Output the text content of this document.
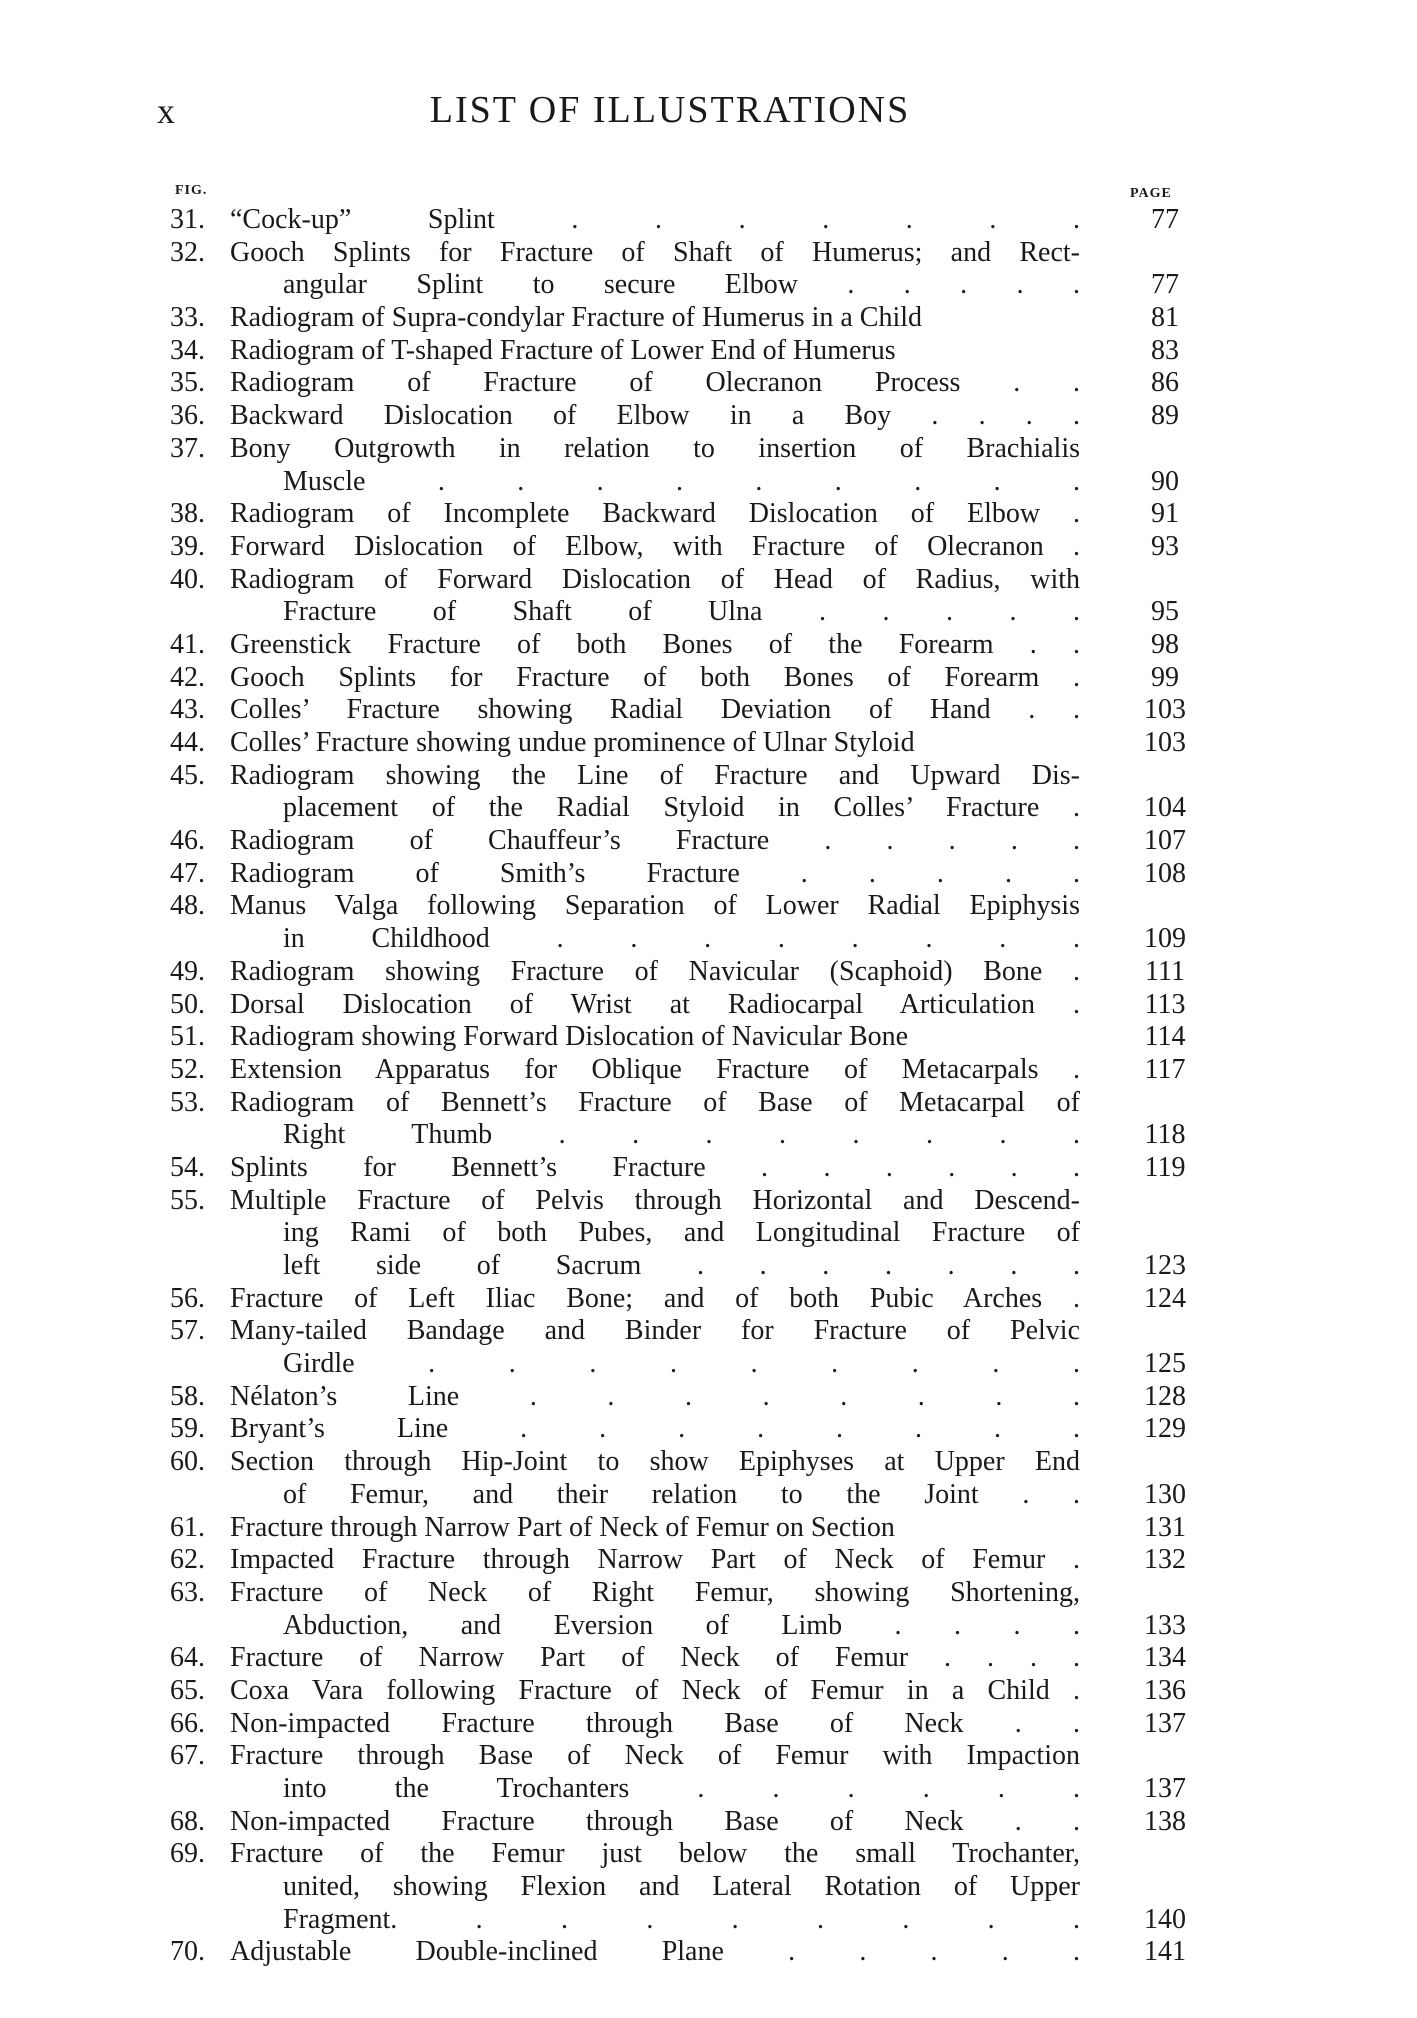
x	LIST OF ILLUSTRATIONS
FIG.	PAGE
31. “Cock-up” Splint . . . . . . .	77
32. Gooch Splints for Fracture of Shaft of Humerus; and Rect-
angular Splint to secure Elbow . . . . .	77
33. Radiogram of Supra-condylar Fracture of Humerus in a Child	81
34. Radiogram of T-shaped Fracture of Lower End of Humerus	83
35. Radiogram of Fracture of Olecranon Process . .	86
36. Backward Dislocation of Elbow in a Boy . . . .	89
37. Bony Outgrowth in relation to insertion of Brachialis
Muscle . . . . . . . . .	90
38. Radiogram of Incomplete Backward Dislocation of Elbow .	91
39. Forward Dislocation of Elbow, with Fracture of Olecranon .	93
40. Radiogram of Forward Dislocation of Head of Radius, with
Fracture of Shaft of Ulna . . . . .	95
41. Greenstick Fracture of both Bones of the Forearm . .	98
42. Gooch Splints for Fracture of both Bones of Forearm .	99
43. Colles’ Fracture showing Radial Deviation of Hand . .	103
44. Colles’ Fracture showing undue prominence of Ulnar Styloid	103
45. Radiogram showing the Line of Fracture and Upward Dis-
placement of the Radial Styloid in Colles’ Fracture .	104
46. Radiogram of Chauffeur’s Fracture . . . . .	107
47. Radiogram of Smith’s Fracture . . . . .	108
48. Manus Valga following Separation of Lower Radial Epiphysis
in Childhood . . . . . . . .	109
49. Radiogram showing Fracture of Navicular (Scaphoid) Bone .	111
50. Dorsal Dislocation of Wrist at Radiocarpal Articulation .	113
51. Radiogram showing Forward Dislocation of Navicular Bone	114
52. Extension Apparatus for Oblique Fracture of Metacarpals .	117
53. Radiogram of Bennett’s Fracture of Base of Metacarpal of
Right Thumb . . . . . . . .	118
54. Splints for Bennett’s Fracture . . . . . .	119
55. Multiple Fracture of Pelvis through Horizontal and Descend-
ing Rami of both Pubes, and Longitudinal Fracture of
left side of Sacrum . . . . . . .	123
56. Fracture of Left Iliac Bone; and of both Pubic Arches .	124
57. Many-tailed Bandage and Binder for Fracture of Pelvic
Girdle . . . . . . . . .	125
58. Nélaton’s Line . . . . . . . .	128
59. Bryant’s Line . . . . . . . .	129
60. Section through Hip-Joint to show Epiphyses at Upper End
of Femur, and their relation to the Joint . .	130
61. Fracture through Narrow Part of Neck of Femur on Section	131
62. Impacted Fracture through Narrow Part of Neck of Femur .	132
63. Fracture of Neck of Right Femur, showing Shortening,
Abduction, and Eversion of Limb . . . .	133
64. Fracture of Narrow Part of Neck of Femur . . . .	134
65. Coxa Vara following Fracture of Neck of Femur in a Child .	136
66. Non-impacted Fracture through Base of Neck . .	137
67. Fracture through Base of Neck of Femur with Impaction
into the Trochanters . . . . . .	137
68. Non-impacted Fracture through Base of Neck . .	138
69. Fracture of the Femur just below the small Trochanter,
united, showing Flexion and Lateral Rotation of Upper
Fragment. . . . . . . . .	140
70. Adjustable Double-inclined Plane . . . . .	141
